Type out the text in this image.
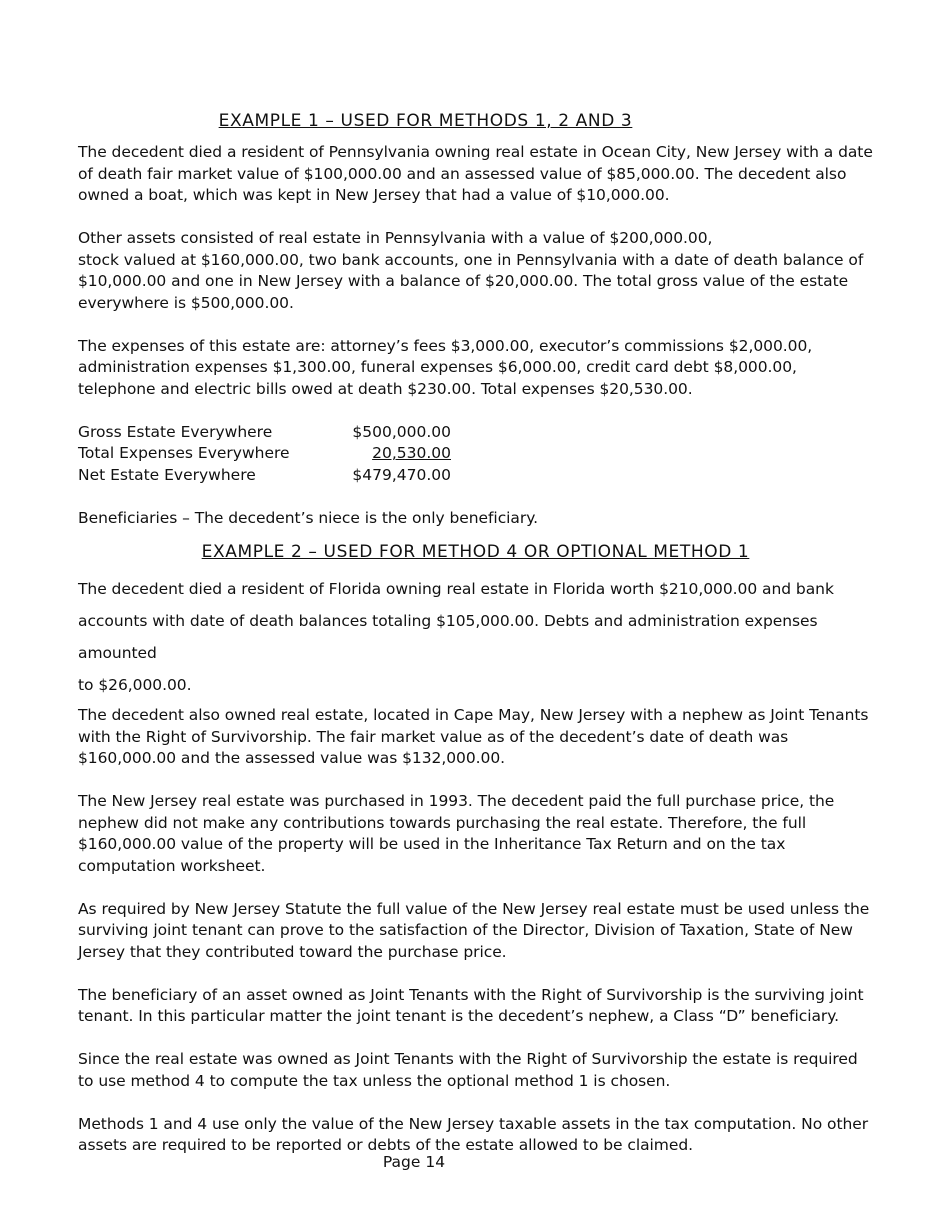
EXAMPLE 1 – USED FOR METHODS 1, 2 AND 3

The decedent died a resident of Pennsylvania owning real estate in Ocean City, New Jersey with a date of death fair market value of $100,000.00 and an assessed value of $85,000.00. The decedent also owned a boat, which was kept in New Jersey that had a value of $10,000.00.

Other assets consisted of real estate in Pennsylvania with a value of $200,000.00,
stock valued at $160,000.00, two bank accounts, one in Pennsylvania with a date of death balance of $10,000.00 and one in New Jersey with a balance of $20,000.00. The total gross value of the estate everywhere is $500,000.00.

The expenses of this estate are: attorney’s fees $3,000.00, executor’s commissions $2,000.00, administration expenses $1,300.00, funeral expenses $6,000.00, credit card debt $8,000.00, telephone and electric bills owed at death $230.00. Total expenses $20,530.00.

Gross Estate Everywhere	$500,000.00
Total Expenses Everywhere	20,530.00
Net Estate Everywhere	$479,470.00

Beneficiaries – The decedent’s niece is the only beneficiary.

EXAMPLE 2 – USED FOR METHOD 4 OR OPTIONAL METHOD 1

The decedent died a resident of Florida owning real estate in Florida worth $210,000.00 and bank
accounts with date of death balances totaling $105,000.00. Debts and administration expenses amounted
to $26,000.00.

The decedent also owned real estate, located in Cape May, New Jersey with a nephew as Joint Tenants with the Right of Survivorship. The fair market value as of the decedent’s date of death was $160,000.00 and the assessed value was $132,000.00.

The New Jersey real estate was purchased in 1993. The decedent paid the full purchase price, the nephew did not make any contributions towards purchasing the real estate. Therefore, the full $160,000.00 value of the property will be used in the Inheritance Tax Return and on the tax computation worksheet.

As required by New Jersey Statute the full value of the New Jersey real estate must be used unless the surviving joint tenant can prove to the satisfaction of the Director, Division of Taxation, State of New Jersey that they contributed toward the purchase price.

The beneficiary of an asset owned as Joint Tenants with the Right of Survivorship is the surviving joint tenant. In this particular matter the joint tenant is the decedent’s nephew, a Class “D” beneficiary.

Since the real estate was owned as Joint Tenants with the Right of Survivorship the estate is required to use method 4 to compute the tax unless the optional method 1 is chosen.

Methods 1 and 4 use only the value of the New Jersey taxable assets in the tax computation. No other assets are required to be reported or debts of the estate allowed to be claimed.

Page 14
